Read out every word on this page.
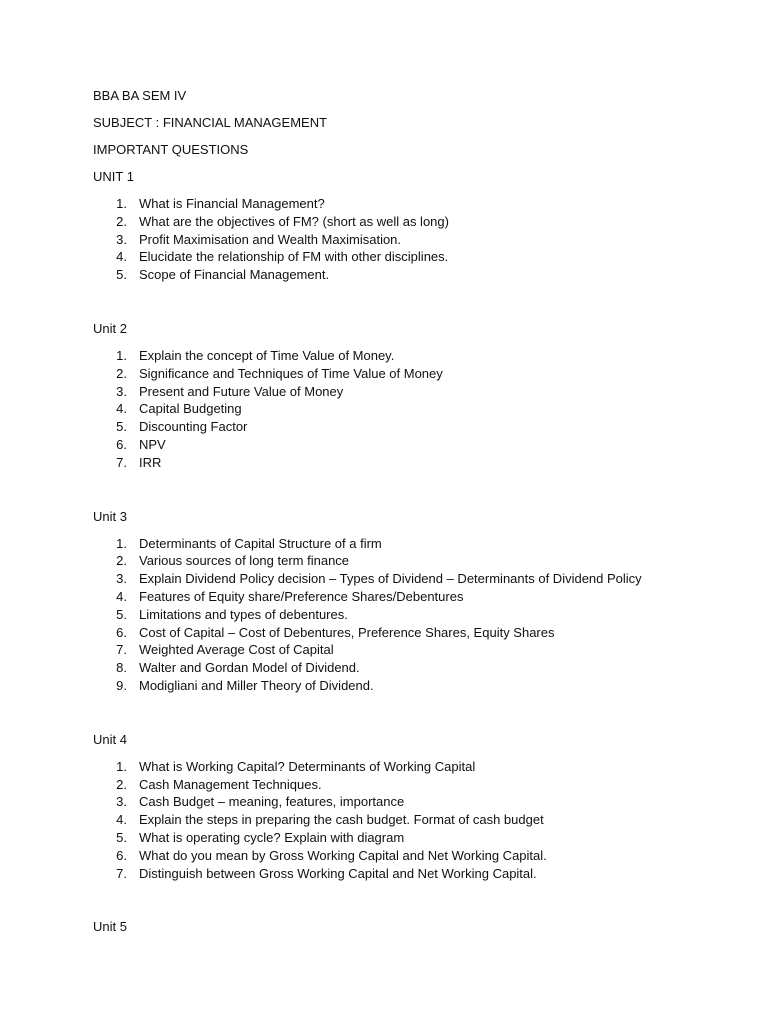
BBA BA SEM IV
SUBJECT : FINANCIAL MANAGEMENT
IMPORTANT QUESTIONS
UNIT 1
1. What is Financial Management?
2. What are the objectives of FM? (short as well as long)
3. Profit Maximisation and Wealth Maximisation.
4. Elucidate the relationship of FM with other disciplines.
5. Scope of Financial Management.
Unit 2
1. Explain the concept of Time Value of Money.
2. Significance and Techniques of Time Value of Money
3. Present and Future Value of Money
4. Capital Budgeting
5. Discounting Factor
6. NPV
7. IRR
Unit 3
1. Determinants of Capital Structure of a firm
2. Various sources of long term finance
3. Explain Dividend Policy decision – Types of Dividend – Determinants of Dividend Policy
4. Features of Equity share/Preference Shares/Debentures
5. Limitations and types of debentures.
6. Cost of Capital – Cost of Debentures, Preference Shares, Equity Shares
7. Weighted Average Cost of Capital
8. Walter and Gordan Model of Dividend.
9. Modigliani and Miller Theory of Dividend.
Unit 4
1. What is Working Capital? Determinants of Working Capital
2. Cash Management Techniques.
3. Cash Budget – meaning, features, importance
4. Explain the steps in preparing the cash budget. Format of cash budget
5. What is operating cycle? Explain with diagram
6. What do you mean by Gross Working Capital and Net Working Capital.
7. Distinguish between Gross Working Capital and Net Working Capital.
Unit 5
